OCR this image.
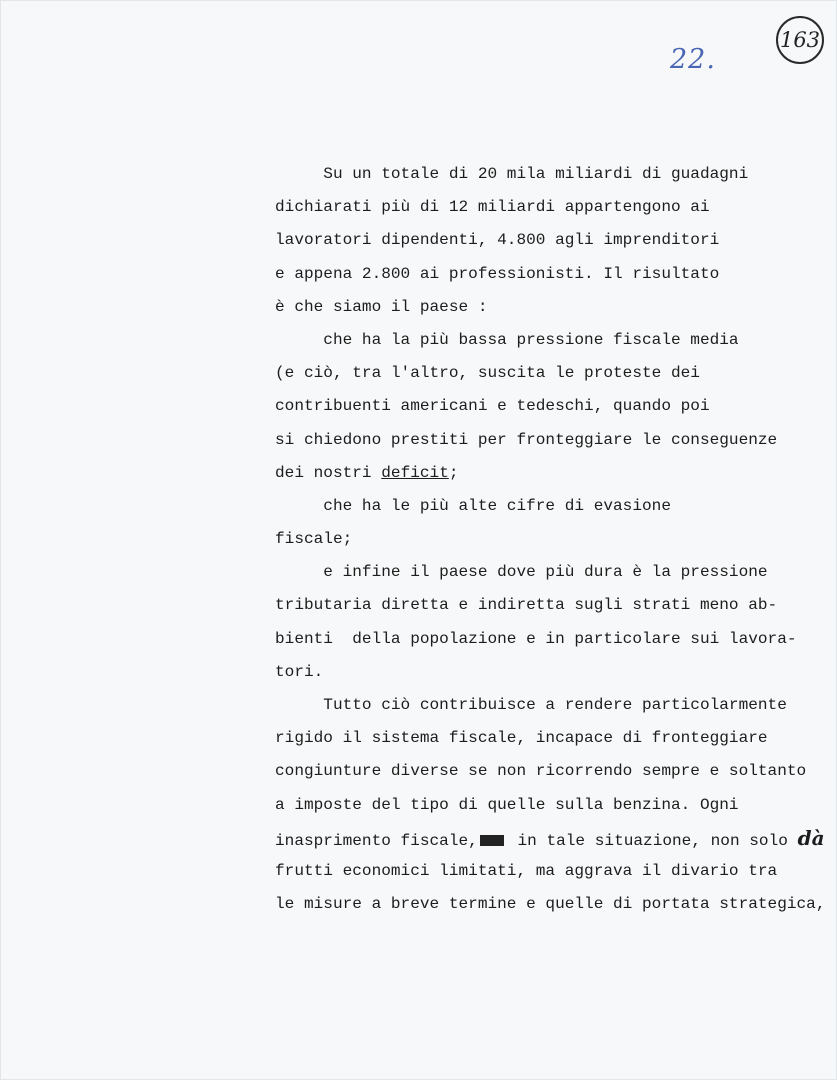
22.
163
Su un totale di 20 mila miliardi di guadagni
dichiarati più di 12 miliardi appartengono ai
lavoratori dipendenti, 4.800 agli imprenditori
e appena 2.800 ai professionisti. Il risultato
è che siamo il paese :
che ha la più bassa pressione fiscale media
(e ciò, tra l'altro, suscita le proteste dei
contribuenti americani e tedeschi, quando poi
si chiedono prestiti per fronteggiare le conseguenze
dei nostri deficit;
che ha le più alte cifre di evasione
fiscale;
e infine il paese dove più dura è la pressione
tributaria diretta e indiretta sugli strati meno ab-
bienti  della popolazione e in particolare sui lavora-
tori.
Tutto ciò contribuisce a rendere particolarmente
rigido il sistema fiscale, incapace di fronteggiare
congiunture diverse se non ricorrendo sempre e soltanto
a imposte del tipo di quelle sulla benzina. Ogni
inasprimento fiscale, in tale situazione, non solo dà
frutti economici limitati, ma aggrava il divario tra
le misure a breve termine e quelle di portata strategica,
